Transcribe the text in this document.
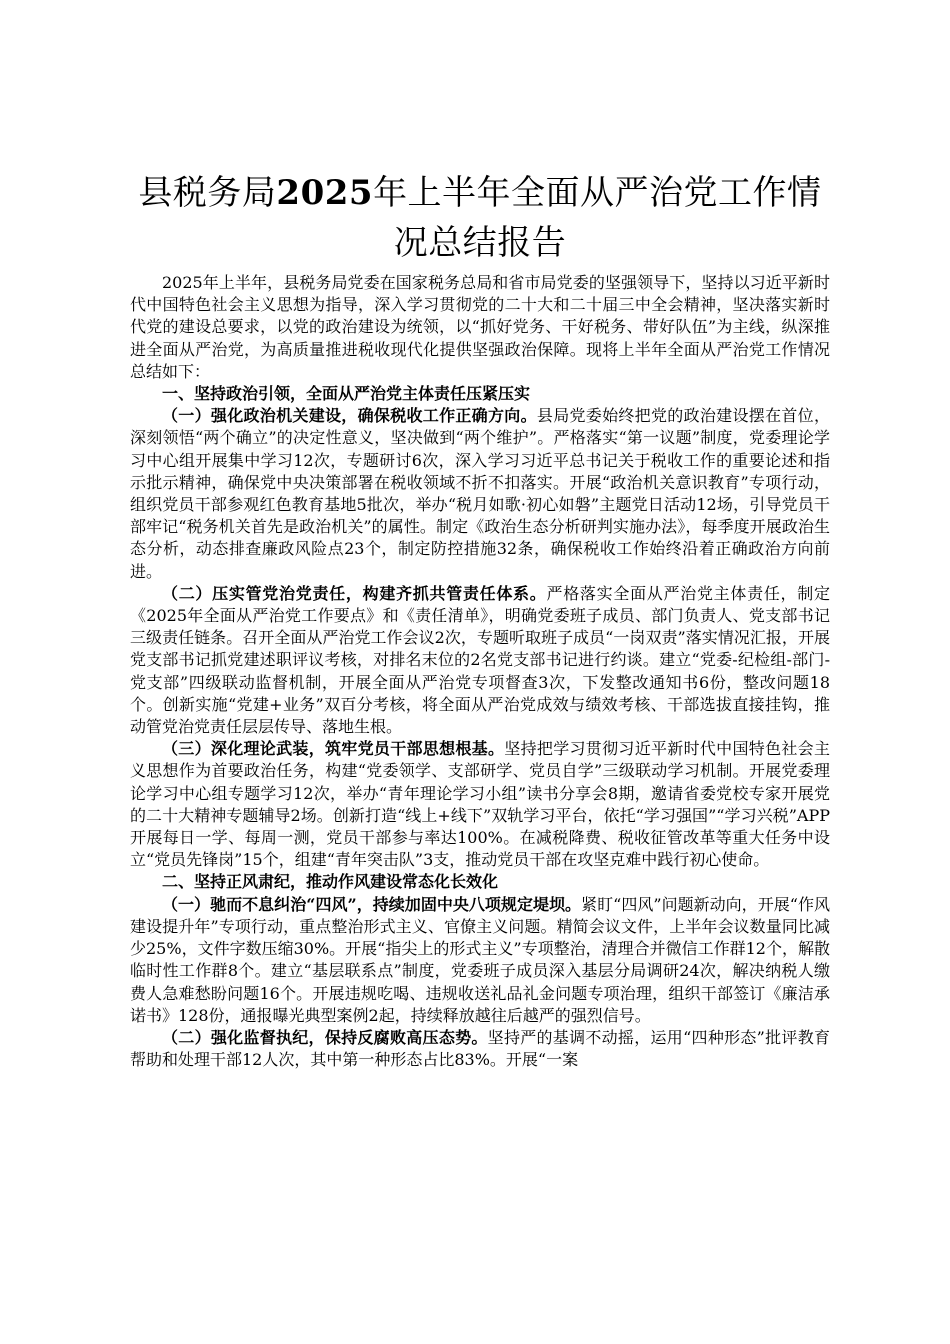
县税务局2025年上半年全面从严治党工作情况总结报告

2025年上半年，县税务局党委在国家税务总局和省市局党委的坚强领导下，坚持以习近平新时代中国特色社会主义思想为指导，深入学习贯彻党的二十大和二十届三中全会精神，坚决落实新时代党的建设总要求，以党的政治建设为统领，以“抓好党务、干好税务、带好队伍”为主线，纵深推进全面从严治党，为高质量推进税收现代化提供坚强政治保障。现将上半年全面从严治党工作情况总结如下：

一、坚持政治引领，全面从严治党主体责任压紧压实

（一）强化政治机关建设，确保税收工作正确方向。县局党委始终把党的政治建设摆在首位，深刻领悟“两个确立”的决定性意义，坚决做到“两个维护”。严格落实“第一议题”制度，党委理论学习中心组开展集中学习12次，专题研讨6次，深入学习习近平总书记关于税收工作的重要论述和指示批示精神，确保党中央决策部署在税收领域不折不扣落实。开展“政治机关意识教育”专项行动，组织党员干部参观红色教育基地5批次，举办“税月如歌·初心如磐”主题党日活动12场，引导党员干部牢记“税务机关首先是政治机关”的属性。制定《政治生态分析研判实施办法》，每季度开展政治生态分析，动态排查廉政风险点23个，制定防控措施32条，确保税收工作始终沿着正确政治方向前进。

（二）压实管党治党责任，构建齐抓共管责任体系。严格落实全面从严治党主体责任，制定《2025年全面从严治党工作要点》和《责任清单》，明确党委班子成员、部门负责人、党支部书记三级责任链条。召开全面从严治党工作会议2次，专题听取班子成员“一岗双责”落实情况汇报，开展党支部书记抓党建述职评议考核，对排名末位的2名党支部书记进行约谈。建立“党委-纪检组-部门-党支部”四级联动监督机制，开展全面从严治党专项督查3次，下发整改通知书6份，整改问题18个。创新实施“党建+业务”双百分考核，将全面从严治党成效与绩效考核、干部选拔直接挂钩，推动管党治党责任层层传导、落地生根。

（三）深化理论武装，筑牢党员干部思想根基。坚持把学习贯彻习近平新时代中国特色社会主义思想作为首要政治任务，构建“党委领学、支部研学、党员自学”三级联动学习机制。开展党委理论学习中心组专题学习12次，举办“青年理论学习小组”读书分享会8期，邀请省委党校专家开展党的二十大精神专题辅导2场。创新打造“线上+线下”双轨学习平台，依托“学习强国”“学习兴税”APP开展每日一学、每周一测，党员干部参与率达100%。在减税降费、税收征管改革等重大任务中设立“党员先锋岗”15个，组建“青年突击队”3支，推动党员干部在攻坚克难中践行初心使命。

二、坚持正风肃纪，推动作风建设常态化长效化

（一）驰而不息纠治“四风”，持续加固中央八项规定堤坝。紧盯“四风”问题新动向，开展“作风建设提升年”专项行动，重点整治形式主义、官僚主义问题。精简会议文件，上半年会议数量同比减少25%，文件字数压缩30%。开展“指尖上的形式主义”专项整治，清理合并微信工作群12个，解散临时性工作群8个。建立“基层联系点”制度，党委班子成员深入基层分局调研24次，解决纳税人缴费人急难愁盼问题16个。开展违规吃喝、违规收送礼品礼金问题专项治理，组织干部签订《廉洁承诺书》128份，通报曝光典型案例2起，持续释放越往后越严的强烈信号。

（二）强化监督执纪，保持反腐败高压态势。坚持严的基调不动摇，运用“四种形态”批评教育帮助和处理干部12人次，其中第一种形态占比83%。开展“一案
